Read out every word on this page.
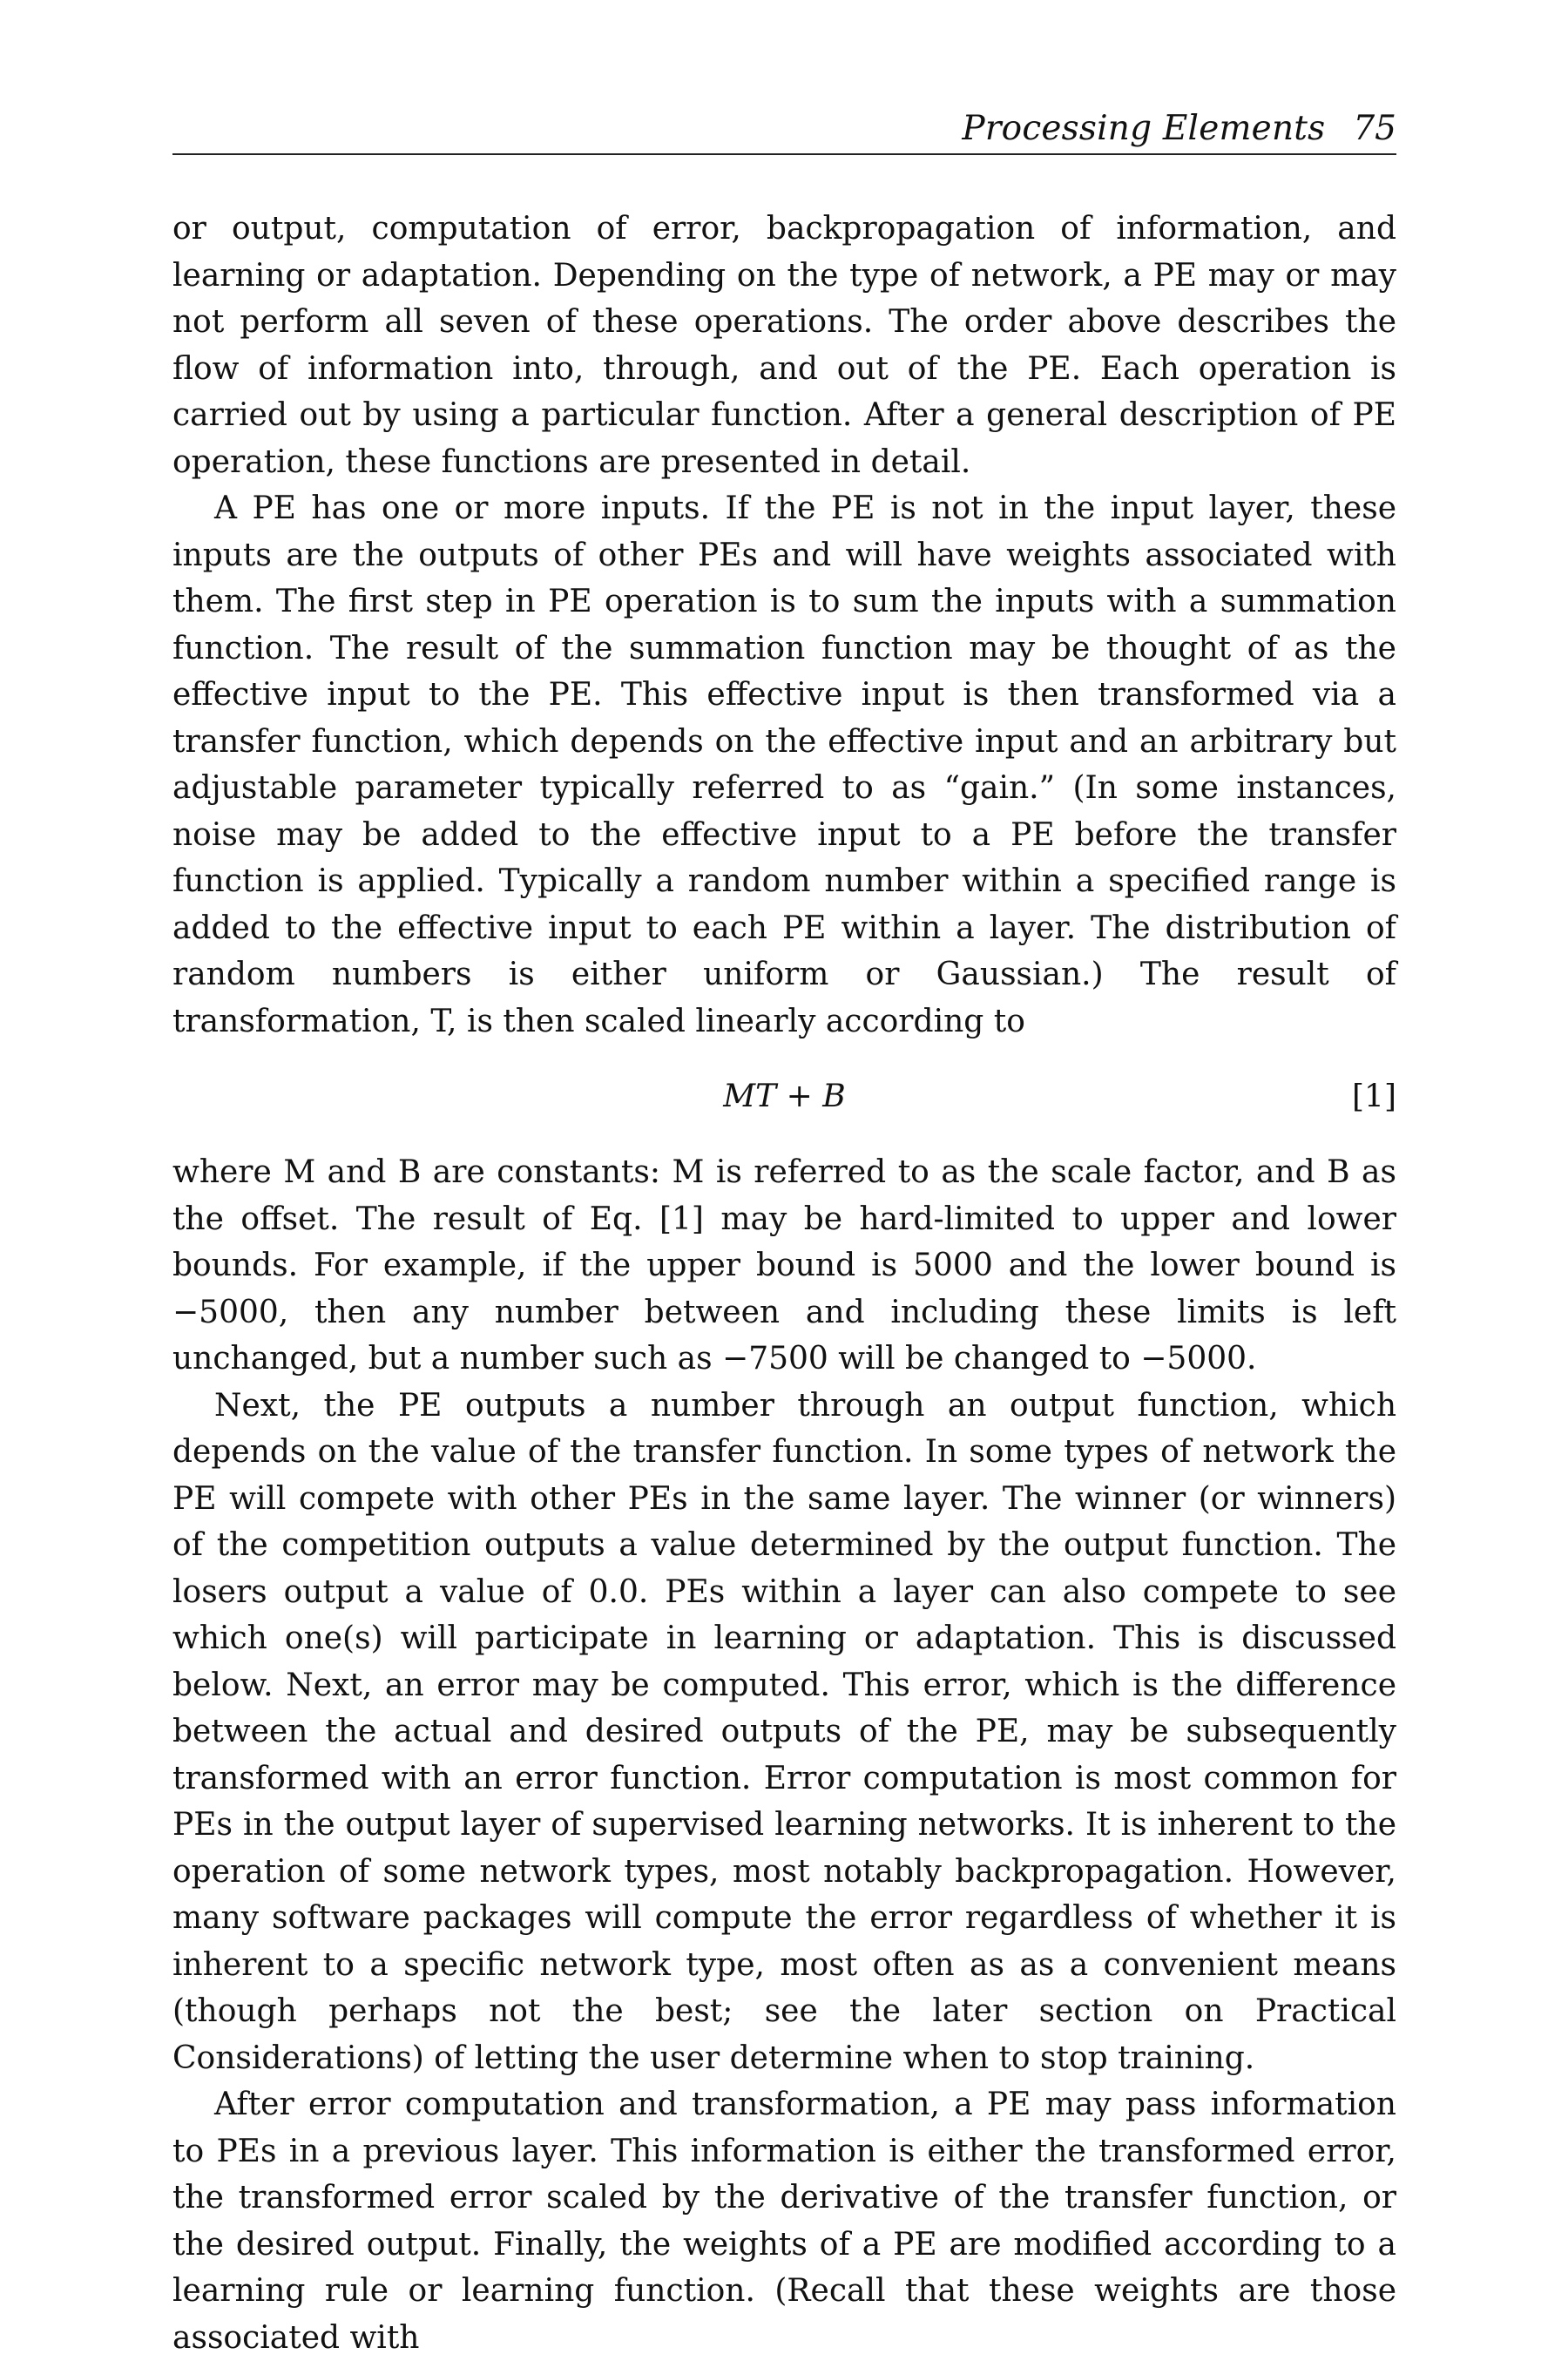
Processing Elements 75

or output, computation of error, backpropagation of information, and learning or adaptation. Depending on the type of network, a PE may or may not perform all seven of these operations. The order above describes the flow of information into, through, and out of the PE. Each operation is carried out by using a particular function. After a general description of PE operation, these functions are presented in detail.

A PE has one or more inputs. If the PE is not in the input layer, these inputs are the outputs of other PEs and will have weights associated with them. The first step in PE operation is to sum the inputs with a summation function. The result of the summation function may be thought of as the effective input to the PE. This effective input is then transformed via a transfer function, which depends on the effective input and an arbitrary but adjustable parameter typically referred to as “gain.” (In some instances, noise may be added to the effective input to a PE before the transfer function is applied. Typically a random number within a specified range is added to the effective input to each PE within a layer. The distribution of random numbers is either uniform or Gaussian.) The result of transformation, T, is then scaled linearly according to

MT + B	[1]

where M and B are constants: M is referred to as the scale factor, and B as the offset. The result of Eq. [1] may be hard-limited to upper and lower bounds. For example, if the upper bound is 5000 and the lower bound is −5000, then any number between and including these limits is left unchanged, but a number such as −7500 will be changed to −5000.

Next, the PE outputs a number through an output function, which depends on the value of the transfer function. In some types of network the PE will compete with other PEs in the same layer. The winner (or winners) of the competition outputs a value determined by the output function. The losers output a value of 0.0. PEs within a layer can also compete to see which one(s) will participate in learning or adaptation. This is discussed below. Next, an error may be computed. This error, which is the difference between the actual and desired outputs of the PE, may be subsequently transformed with an error function. Error computation is most common for PEs in the output layer of supervised learning networks. It is inherent to the operation of some network types, most notably backpropagation. However, many software packages will compute the error regardless of whether it is inherent to a specific network type, most often as as a convenient means (though perhaps not the best; see the later section on Practical Considerations) of letting the user determine when to stop training.

After error computation and transformation, a PE may pass information to PEs in a previous layer. This information is either the transformed error, the transformed error scaled by the derivative of the transfer function, or the desired output. Finally, the weights of a PE are modified according to a learning rule or learning function. (Recall that these weights are those associated with
